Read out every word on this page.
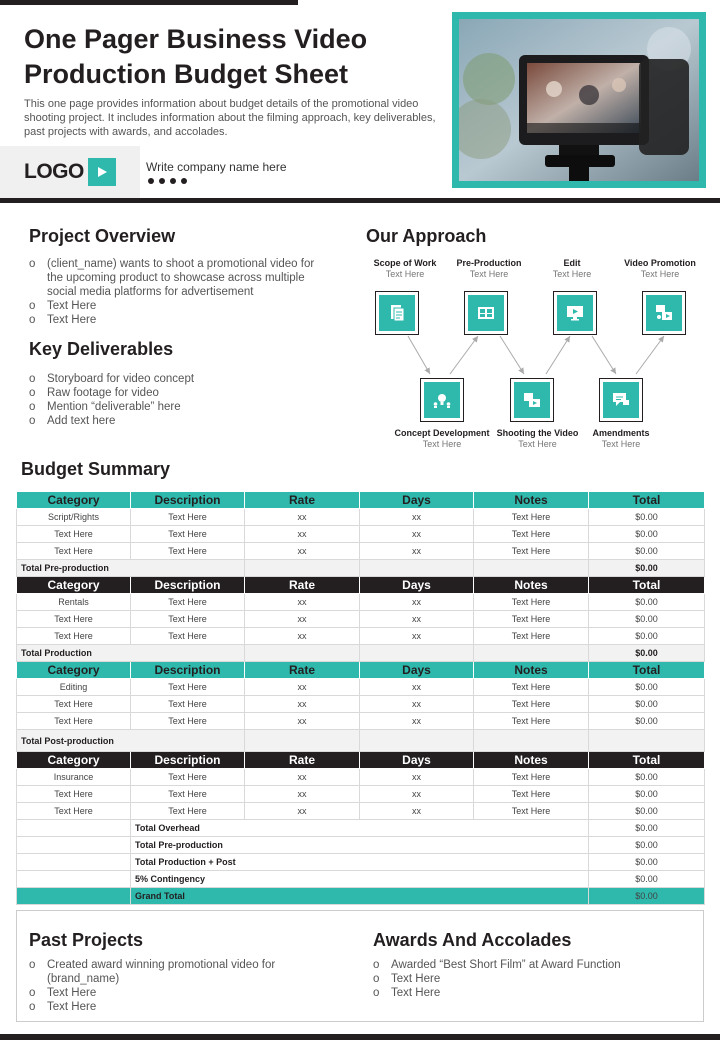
One Pager Business Video
Production Budget Sheet

This one page provides information about budget details of the promotional video shooting project. It includes information about the filming approach, key deliverables, past projects with awards, and accolades.

LOGO	Write company name here
Project Overview
o (client_name) wants to shoot a promotional video for the upcoming product to showcase across multiple social media platforms for advertisement
o Text Here
o Text Here
Key Deliverables
o Storyboard for video concept
o Raw footage for video
o Mention “deliverable” here
o Add text here
Our Approach
Scope of Work
Text Here
Pre-Production
Text Here
Edit
Text Here
Video Promotion
Text Here
Concept Development
Text Here
Shooting the Video
Text Here
Amendments
Text Here
Budget Summary
Category	Description	Rate	Days	Notes	Total
Script/Rights	Text Here	xx	xx	Text Here	$0.00
Text Here	Text Here	xx	xx	Text Here	$0.00
Text Here	Text Here	xx	xx	Text Here	$0.00
Total Pre-production					$0.00
Category	Description	Rate	Days	Notes	Total
Rentals	Text Here	xx	xx	Text Here	$0.00
Text Here	Text Here	xx	xx	Text Here	$0.00
Text Here	Text Here	xx	xx	Text Here	$0.00
Total Production					$0.00
Category	Description	Rate	Days	Notes	Total
Editing	Text Here	xx	xx	Text Here	$0.00
Text Here	Text Here	xx	xx	Text Here	$0.00
Text Here	Text Here	xx	xx	Text Here	$0.00
Total Post-production					
Category	Description	Rate	Days	Notes	Total
Insurance	Text Here	xx	xx	Text Here	$0.00
Text Here	Text Here	xx	xx	Text Here	$0.00
Text Here	Text Here	xx	xx	Text Here	$0.00
	Total Overhead				$0.00
	Total Pre-production				$0.00
	Total Production + Post				$0.00
	5% Contingency				$0.00
	Grand Total				$0.00
Past Projects
o Created award winning promotional video for (brand_name)
o Text Here
o Text Here
Awards And Accolades
o Awarded “Best Short Film” at Award Function
o Text Here
o Text Here
